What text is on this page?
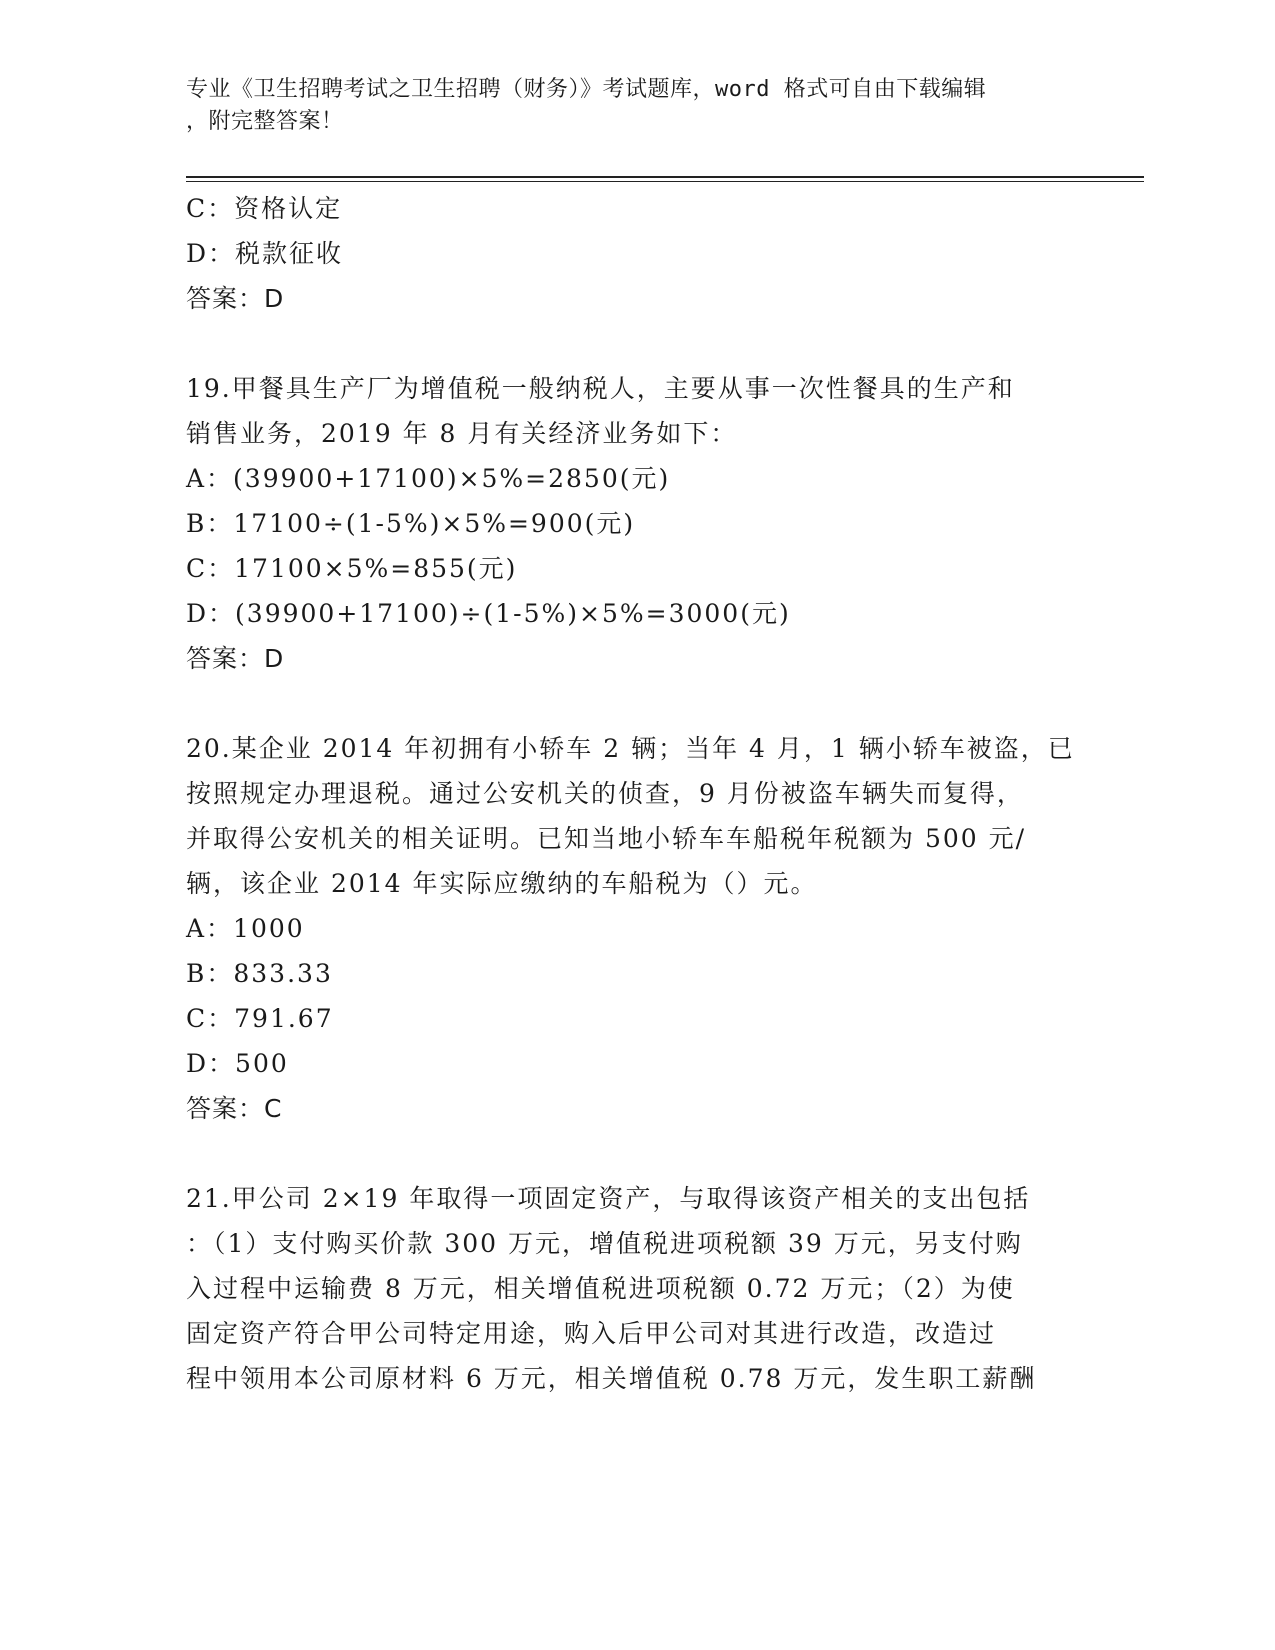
专业《卫生招聘考试之卫生招聘（财务）》考试题库，word 格式可自由下载编辑
，附完整答案！
C：资格认定
D：税款征收
答案：D
19.甲餐具生产厂为增值税一般纳税人，主要从事一次性餐具的生产和
销售业务，2019 年 8 月有关经济业务如下：
A：(39900+17100)×5%=2850(元)
B：17100÷(1-5%)×5%=900(元)
C：17100×5%=855(元)
D：(39900+17100)÷(1-5%)×5%=3000(元)
答案：D
20.某企业 2014 年初拥有小轿车 2 辆；当年 4 月，1 辆小轿车被盗，已
按照规定办理退税。通过公安机关的侦查，9 月份被盗车辆失而复得，
并取得公安机关的相关证明。已知当地小轿车车船税年税额为 500 元/
辆，该企业 2014 年实际应缴纳的车船税为（）元。
A：1000
B：833.33
C：791.67
D：500
答案：C
21.甲公司 2×19 年取得一项固定资产，与取得该资产相关的支出包括
：（1）支付购买价款 300 万元，增值税进项税额 39 万元，另支付购
入过程中运输费 8 万元，相关增值税进项税额 0.72 万元；（2）为使
固定资产符合甲公司特定用途，购入后甲公司对其进行改造，改造过
程中领用本公司原材料 6 万元，相关增值税 0.78 万元，发生职工薪酬
